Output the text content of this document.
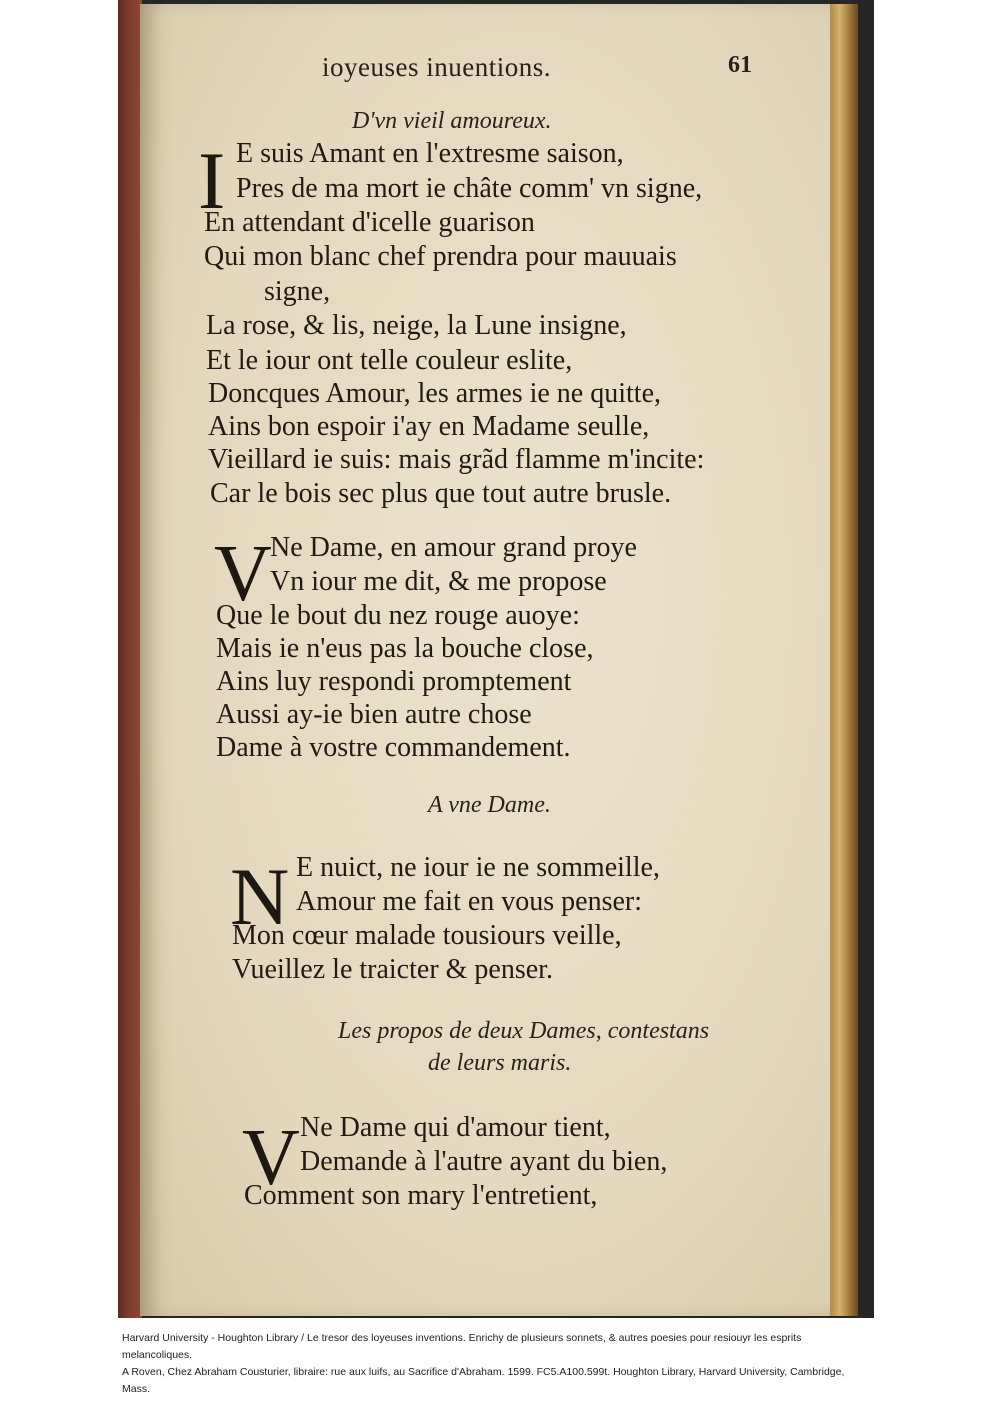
ioyeuses inuentions.	61
D'vn vieil amoureux.
I E suis Amant en l'extresme saison,
Pres de ma mort ie châte comm' vn signe,
En attendant d'icelle guarison
Qui mon blanc chef prendra pour mauuais
signe,
La rose, & lis, neige, la Lune insigne,
Et le iour ont telle couleur eslite,
Doncques Amour, les armes ie ne quitte,
Ains bon espoir i'ay en Madame seulle,
Vieillard ie suis: mais grãd flamme m'incite:
Car le bois sec plus que tout autre brusle.
V
Ne Dame, en amour grand proye
Vn iour me dit, & me propose
Que le bout du nez rouge auoye:
Mais ie n'eus pas la bouche close,
Ains luy respondi promptement
Aussi ay-ie bien autre chose
Dame à vostre commandement.
A vne Dame.
N E nuict, ne iour ie ne sommeille,
Amour me fait en vous penser:
Mon cœur malade tousiours veille,
Vueillez le traicter & penser.
Les propos de deux Dames, contestans
de leurs maris.
V Ne Dame qui d'amour tient,
Demande à l'autre ayant du bien,
Comment son mary l'entretient,

Harvard University - Houghton Library / Le tresor des loyeuses inventions. Enrichy de plusieurs sonnets, & autres poesies pour resiouyr les esprits melancoliques.

A Roven, Chez Abraham Cousturier, libraire: rue aux luifs, au Sacrifice d'Abraham. 1599. FC5.A100.599t. Houghton Library, Harvard University, Cambridge, Mass.
